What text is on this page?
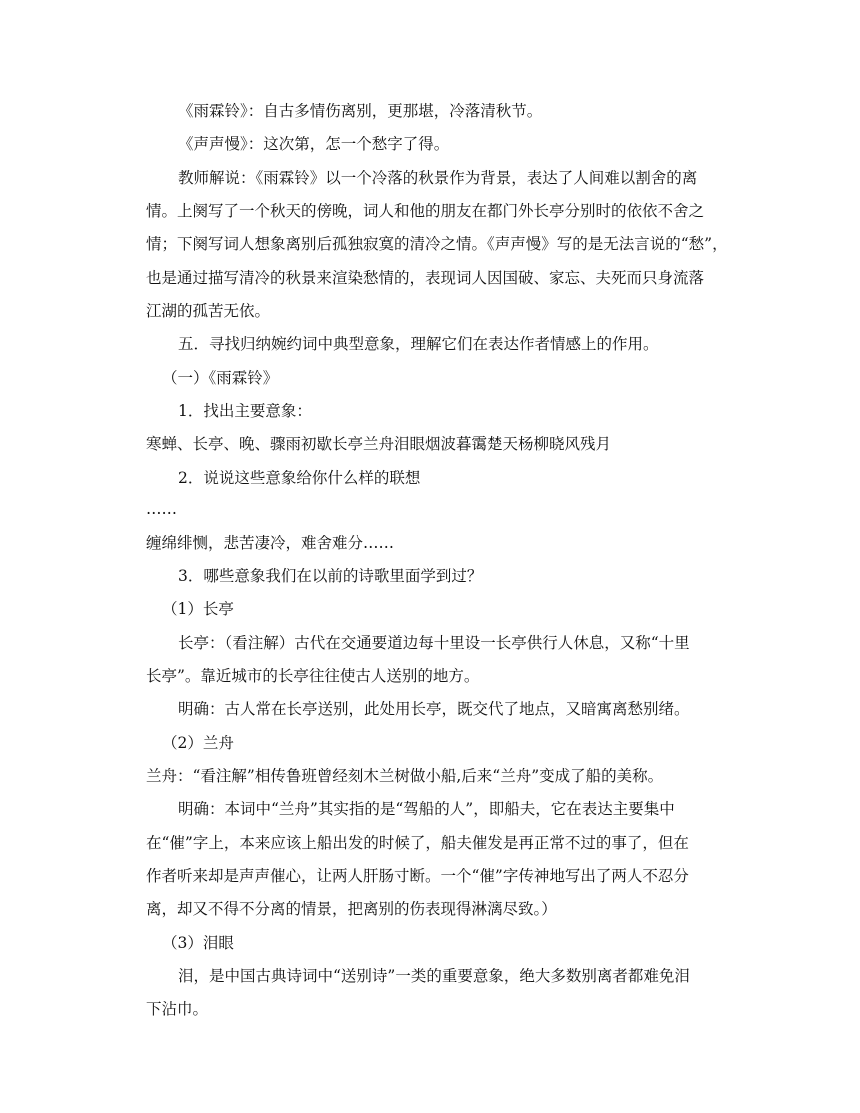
《雨霖铃》：自古多情伤离别，更那堪，冷落清秋节。
《声声慢》：这次第，怎一个愁字了得。
教师解说：《雨霖铃》以一个冷落的秋景作为背景，表达了人间难以割舍的离
情。上阕写了一个秋天的傍晚，词人和他的朋友在都门外长亭分别时的依依不舍之
情；下阕写词人想象离别后孤独寂寞的清冷之情。《声声慢》写的是无法言说的“愁”，
也是通过描写清冷的秋景来渲染愁情的，表现词人因国破、家忘、夫死而只身流落
江湖的孤苦无依。
五．寻找归纳婉约词中典型意象，理解它们在表达作者情感上的作用。
（一）《雨霖铃》
1．找出主要意象：
寒蝉、长亭、晚、骤雨初歇长亭兰舟泪眼烟波暮霭楚天杨柳晓风残月
2．说说这些意象给你什么样的联想
……
缠绵绯恻，悲苦凄冷，难舍难分……
3．哪些意象我们在以前的诗歌里面学到过？
（1）长亭
长亭：（看注解）古代在交通要道边每十里设一长亭供行人休息，又称“十里
长亭”。靠近城市的长亭往往使古人送别的地方。
明确：古人常在长亭送别，此处用长亭，既交代了地点，又暗寓离愁别绪。
（2）兰舟
兰舟：“看注解”相传鲁班曾经刻木兰树做小船,后来“兰舟”变成了船的美称。
明确：本词中“兰舟”其实指的是“驾船的人”，即船夫，它在表达主要集中
在“催”字上，本来应该上船出发的时候了，船夫催发是再正常不过的事了，但在
作者听来却是声声催心，让两人肝肠寸断。一个“催”字传神地写出了两人不忍分
离，却又不得不分离的情景，把离别的伤表现得淋漓尽致。）
（3）泪眼
泪，是中国古典诗词中“送别诗”一类的重要意象，绝大多数别离者都难免泪
下沾巾。
